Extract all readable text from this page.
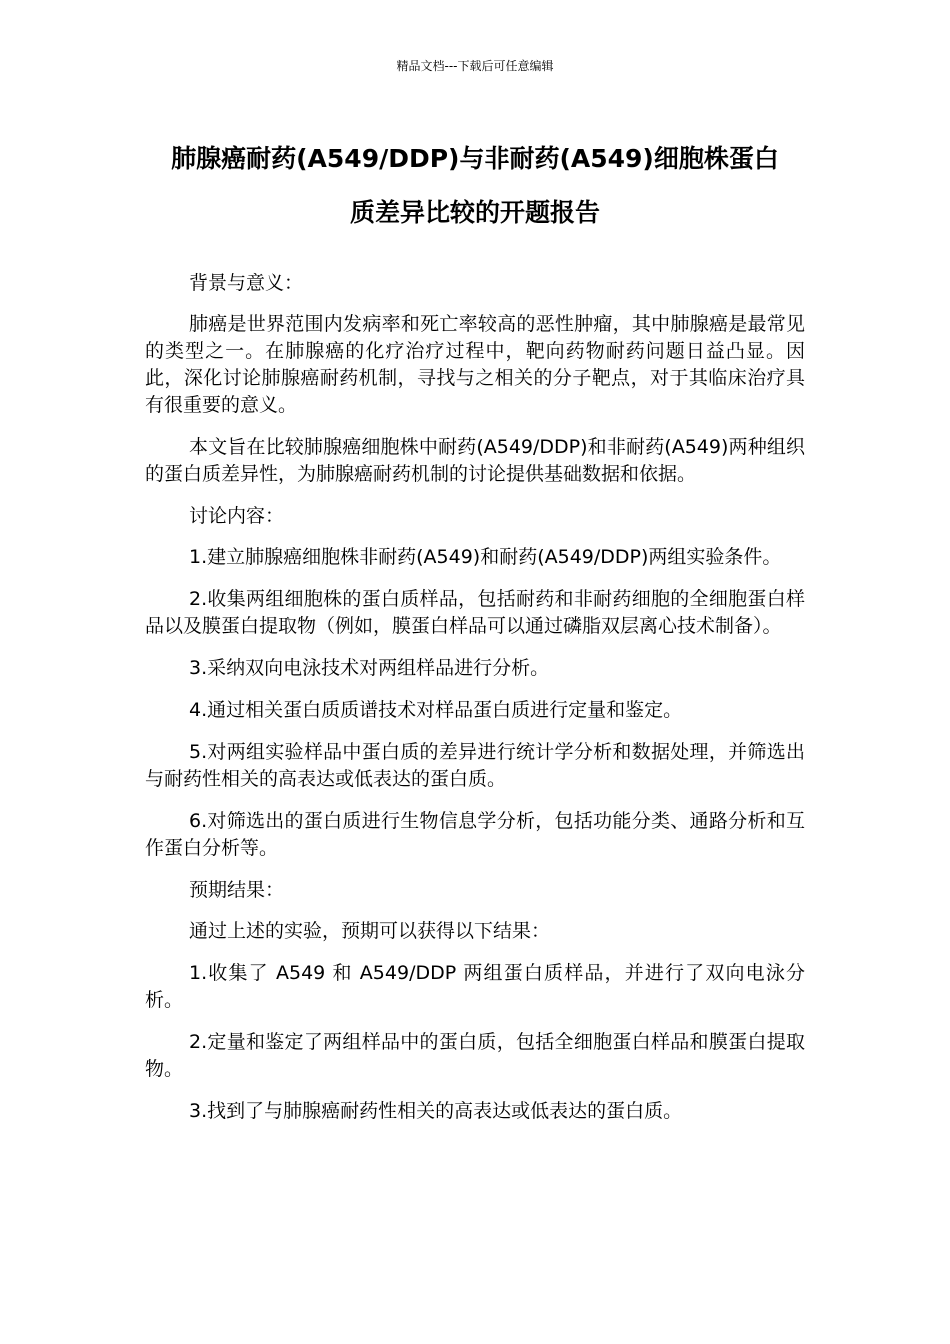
精品文档---下载后可任意编辑
肺腺癌耐药(A549/DDP)与非耐药(A549)细胞株蛋白
质差异比较的开题报告

背景与意义：

肺癌是世界范围内发病率和死亡率较高的恶性肿瘤，其中肺腺癌是最常见的类型之一。在肺腺癌的化疗治疗过程中，靶向药物耐药问题日益凸显。因此，深化讨论肺腺癌耐药机制，寻找与之相关的分子靶点，对于其临床治疗具有很重要的意义。

本文旨在比较肺腺癌细胞株中耐药(A549/DDP)和非耐药(A549)两种组织的蛋白质差异性，为肺腺癌耐药机制的讨论提供基础数据和依据。

讨论内容：

1.建立肺腺癌细胞株非耐药(A549)和耐药(A549/DDP)两组实验条件。

2.收集两组细胞株的蛋白质样品，包括耐药和非耐药细胞的全细胞蛋白样品以及膜蛋白提取物（例如，膜蛋白样品可以通过磷脂双层离心技术制备）。

3.采纳双向电泳技术对两组样品进行分析。

4.通过相关蛋白质质谱技术对样品蛋白质进行定量和鉴定。

5.对两组实验样品中蛋白质的差异进行统计学分析和数据处理，并筛选出与耐药性相关的高表达或低表达的蛋白质。

6.对筛选出的蛋白质进行生物信息学分析，包括功能分类、通路分析和互作蛋白分析等。

预期结果：

通过上述的实验，预期可以获得以下结果：

1.收集了 A549 和 A549/DDP 两组蛋白质样品，并进行了双向电泳分析。

2.定量和鉴定了两组样品中的蛋白质，包括全细胞蛋白样品和膜蛋白提取物。

3.找到了与肺腺癌耐药性相关的高表达或低表达的蛋白质。
